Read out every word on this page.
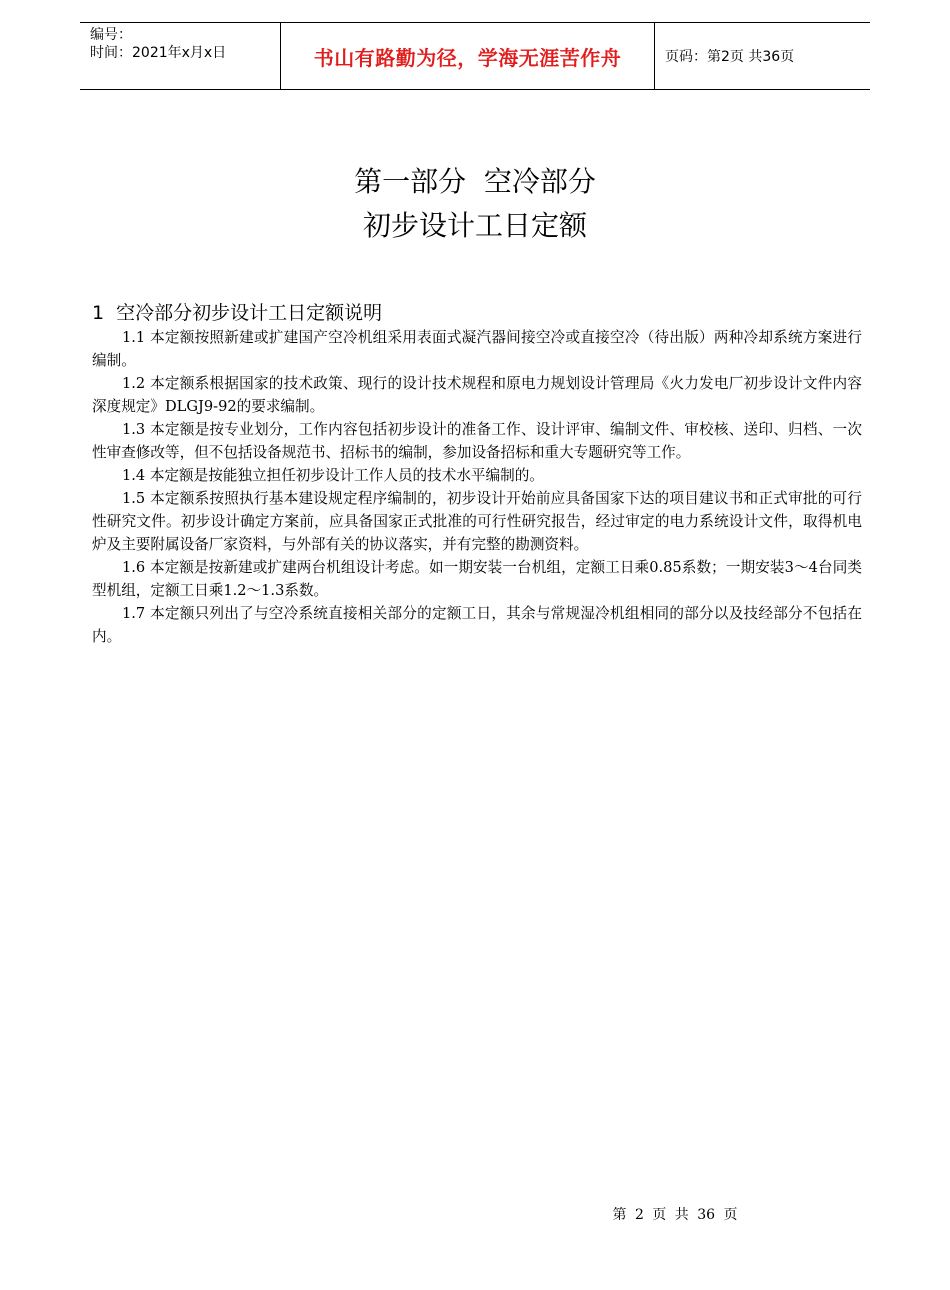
编号：
时间：2021年x月x日	书山有路勤为径，学海无涯苦作舟	页码：第2页 共36页
第一部分  空冷部分
初步设计工日定额
1  空冷部分初步设计工日定额说明

1.1 本定额按照新建或扩建国产空冷机组采用表面式凝汽器间接空冷或直接空冷（待出版）两种冷却系统方案进行编制。

1.2 本定额系根据国家的技术政策、现行的设计技术规程和原电力规划设计管理局《火力发电厂初步设计文件内容深度规定》DLGJ9-92的要求编制。

1.3 本定额是按专业划分，工作内容包括初步设计的准备工作、设计评审、编制文件、审校核、送印、归档、一次性审查修改等，但不包括设备规范书、招标书的编制，参加设备招标和重大专题研究等工作。

1.4 本定额是按能独立担任初步设计工作人员的技术水平编制的。

1.5 本定额系按照执行基本建设规定程序编制的，初步设计开始前应具备国家下达的项目建议书和正式审批的可行性研究文件。初步设计确定方案前，应具备国家正式批准的可行性研究报告，经过审定的电力系统设计文件，取得机电炉及主要附属设备厂家资料，与外部有关的协议落实，并有完整的勘测资料。

1.6 本定额是按新建或扩建两台机组设计考虑。如一期安装一台机组，定额工日乘0.85系数；一期安装3～4台同类型机组，定额工日乘1.2～1.3系数。

1.7 本定额只列出了与空冷系统直接相关部分的定额工日，其余与常规湿冷机组相同的部分以及技经部分不包括在内。

第 2 页 共 36 页
